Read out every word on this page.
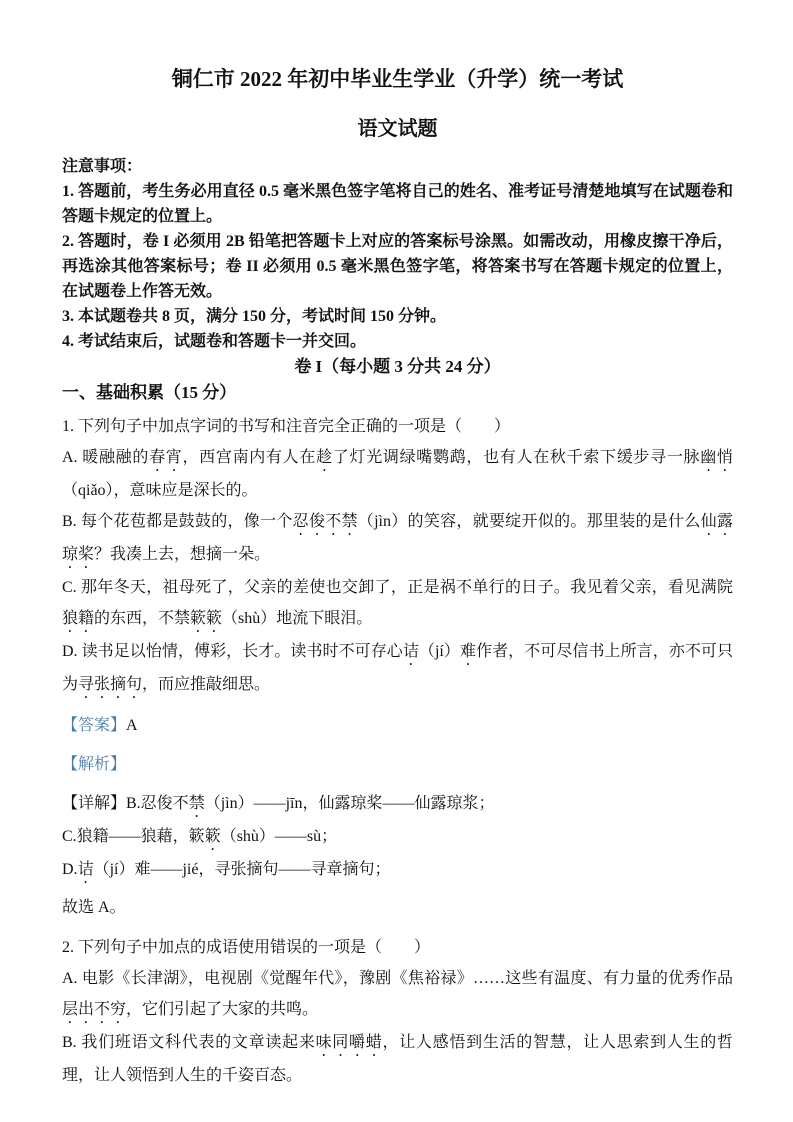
铜仁市 2022 年初中毕业生学业（升学）统一考试
语文试题

注意事项：

1. 答题前，考生务必用直径 0.5 毫米黑色签字笔将自己的姓名、准考证号清楚地填写在试题卷和答题卡规定的位置上。

2. 答题时，卷 I 必须用 2B 铅笔把答题卡上对应的答案标号涂黑。如需改动，用橡皮擦干净后，再选涂其他答案标号；卷 II 必须用 0.5 毫米黑色签字笔，将答案书写在答题卡规定的位置上，在试题卷上作答无效。

3. 本试题卷共 8 页，满分 150 分，考试时间 150 分钟。

4. 考试结束后，试题卷和答题卡一并交回。

卷 I（每小题 3 分共 24 分）

一、基础积累（15 分）

1. 下列句子中加点字词的书写和注音完全正确的一项是（　　）

A. 暖融融的春宵，西宫南内有人在趁了灯光调绿嘴鹦鹉，也有人在秋千索下缓步寻一脉幽悄（qiǎo），意味应是深长的。

B. 每个花苞都是鼓鼓的，像一个忍俊不禁（jìn）的笑容，就要绽开似的。那里装的是什么仙露琼桨？我凑上去，想摘一朵。

C. 那年冬天，祖母死了，父亲的差使也交卸了，正是祸不单行的日子。我见着父亲，看见满院狼籍的东西，不禁簌簌（shù）地流下眼泪。

D. 读书足以怡情，傅彩，长才。读书时不可存心诘（jí）难作者，不可尽信书上所言，亦不可只为寻张摘句，而应推敲细思。

【答案】A

【解析】

【详解】B.忍俊不禁（jìn）——jīn，仙露琼桨——仙露琼浆；

C.狼籍——狼藉，簌簌（shù）——sù；

D.诘（jí）难——jié，寻张摘句——寻章摘句；

故选 A。

2. 下列句子中加点的成语使用错误的一项是（　　）

A. 电影《长津湖》，电视剧《觉醒年代》，豫剧《焦裕禄》……这些有温度、有力量的优秀作品层出不穷，它们引起了大家的共鸣。

B. 我们班语文科代表的文章读起来味同嚼蜡，让人感悟到生活的智慧，让人思索到人生的哲理，让人领悟到人生的千姿百态。
